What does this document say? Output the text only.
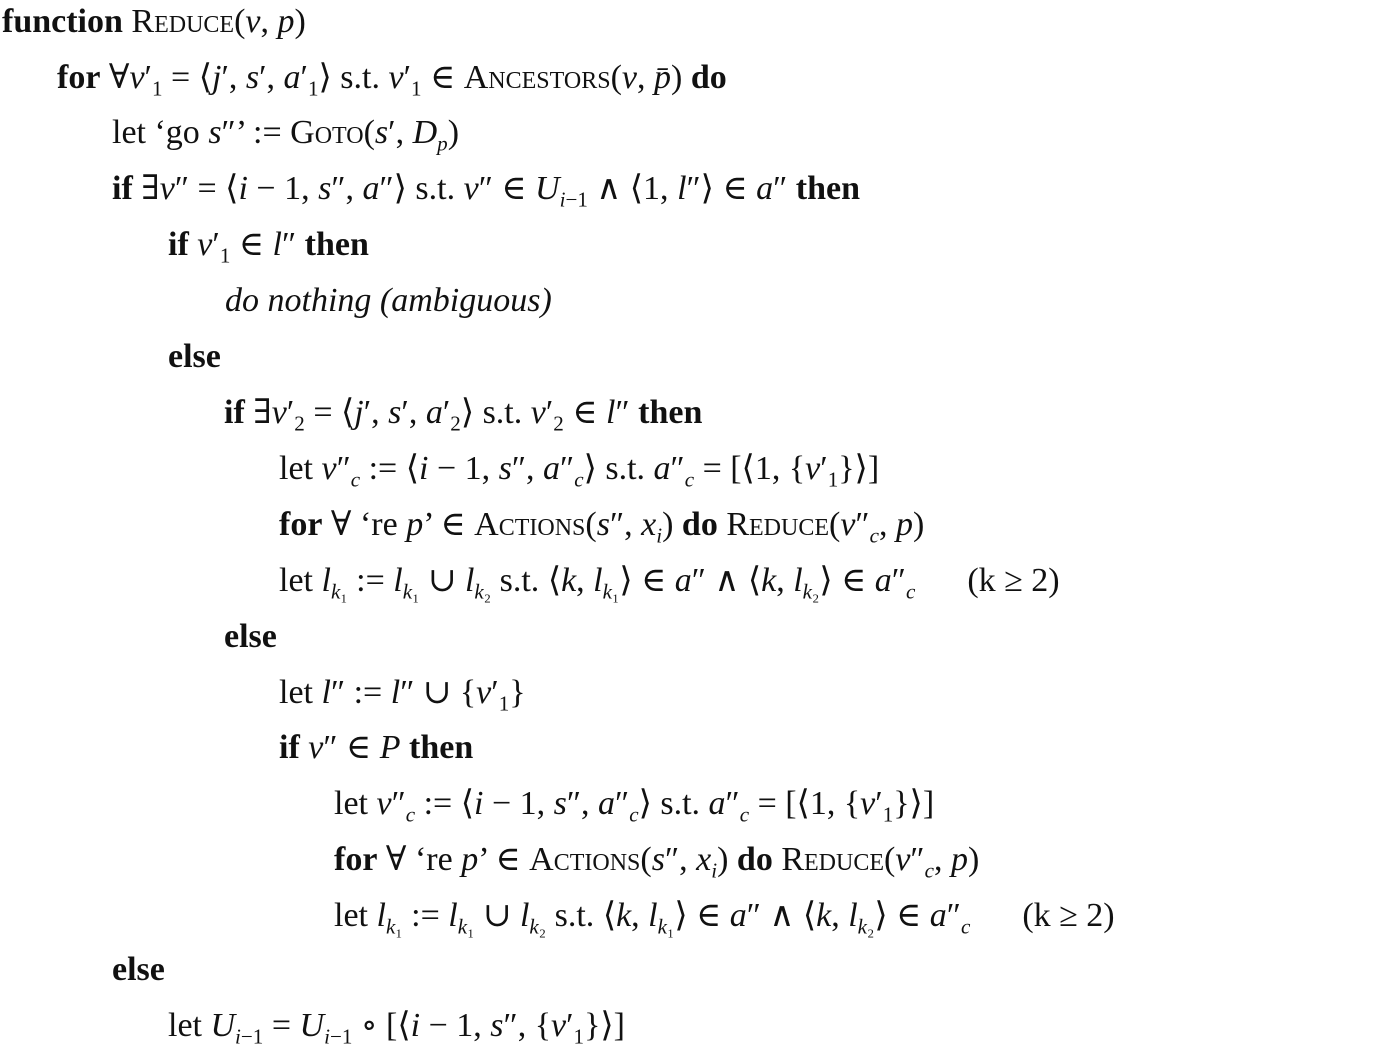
function Reduce(v, p)
for $\forall v'_1$ = ⟨j′, s′, $a'_1⟩$ s.t. $v'_1$ ∈ Ancestors(v, p̄) do
let ‘go s″’ := Goto(s′, $D_p$)
if ∃v″ = ⟨i − 1, s″, a″⟩ s.t. v″ ∈ $U_{i-1}$ ∧ ⟨1, l″⟩ ∈ a″ then
if $v'_1$ ∈ l″ then
do nothing (ambiguous)
else
if $\exists v'_2$ = ⟨j′, s′, $a'_2⟩$ s.t. $v'_2$ ∈ l″ then
let $v''_c$ := ⟨i − 1, s″, $a''_c⟩$ s.t. $a''_c$ = [⟨1, $\{v'_1\}⟩$]
for ∀ ‘re p’ ∈ Actions(s″, $x_i$) do $Reduce(v''_c$, p)
let $l_{k_1}$ := $l_{k_1}$ ∪ $l_{k_2}$ s.t. ⟨k, $l_{k_1}⟩$ ∈ a″ ∧ ⟨k, $l_{k_2}⟩$ ∈ $a''_c$ (k ≥ 2)
else
let l″ := l″ ∪ $\{v'_1\}$
if v″ ∈ P then
let $v''_c$ := ⟨i − 1, s″, $a''_c⟩$ s.t. $a''_c$ = [⟨1, $\{v'_1\}⟩$]
for ∀ ‘re p’ ∈ Actions(s″, $x_i$) do $Reduce(v''_c$, p)
let $l_{k_1}$ := $l_{k_1}$ ∪ $l_{k_2}$ s.t. ⟨k, $l_{k_1}⟩$ ∈ a″ ∧ ⟨k, $l_{k_2}⟩$ ∈ $a''_c$ (k ≥ 2)
else
let $U_{i-1} = U_{i-1}$ ∘ [⟨i − 1, s″, $\{v'_1\}⟩$]
